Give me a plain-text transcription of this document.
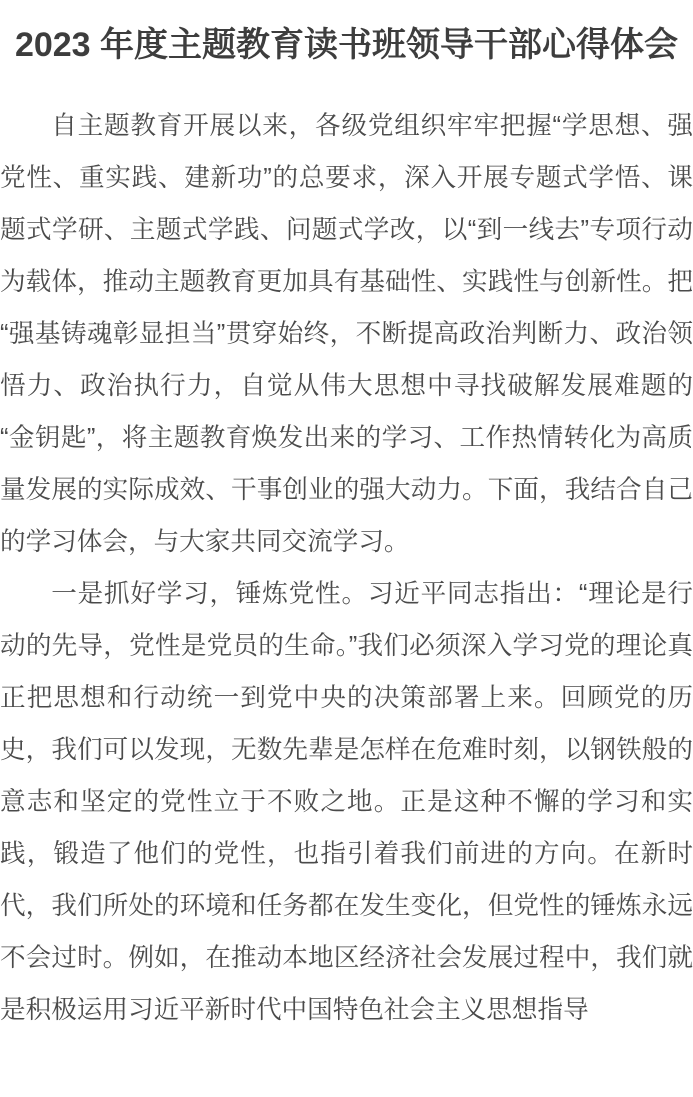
2023 年度主题教育读书班领导干部心得体会

自主题教育开展以来，各级党组织牢牢把握“学思想、强党性、重实践、建新功”的总要求，深入开展专题式学悟、课题式学研、主题式学践、问题式学改，以“到一线去”专项行动为载体，推动主题教育更加具有基础性、实践性与创新性。把“强基铸魂彰显担当”贯穿始终，不断提高政治判断力、政治领悟力、政治执行力，自觉从伟大思想中寻找破解发展难题的“金钥匙”，将主题教育焕发出来的学习、工作热情转化为高质量发展的实际成效、干事创业的强大动力。下面，我结合自己的学习体会，与大家共同交流学习。

一是抓好学习，锤炼党性。习近平同志指出：“理论是行动的先导，党性是党员的生命。”我们必须深入学习党的理论真正把思想和行动统一到党中央的决策部署上来。回顾党的历史，我们可以发现，无数先辈是怎样在危难时刻，以钢铁般的意志和坚定的党性立于不败之地。正是这种不懈的学习和实践，锻造了他们的党性，也指引着我们前进的方向。在新时代，我们所处的环境和任务都在发生变化，但党性的锤炼永远不会过时。例如，在推动本地区经济社会发展过程中，我们就是积极运用习近平新时代中国特色社会主义思想指导
